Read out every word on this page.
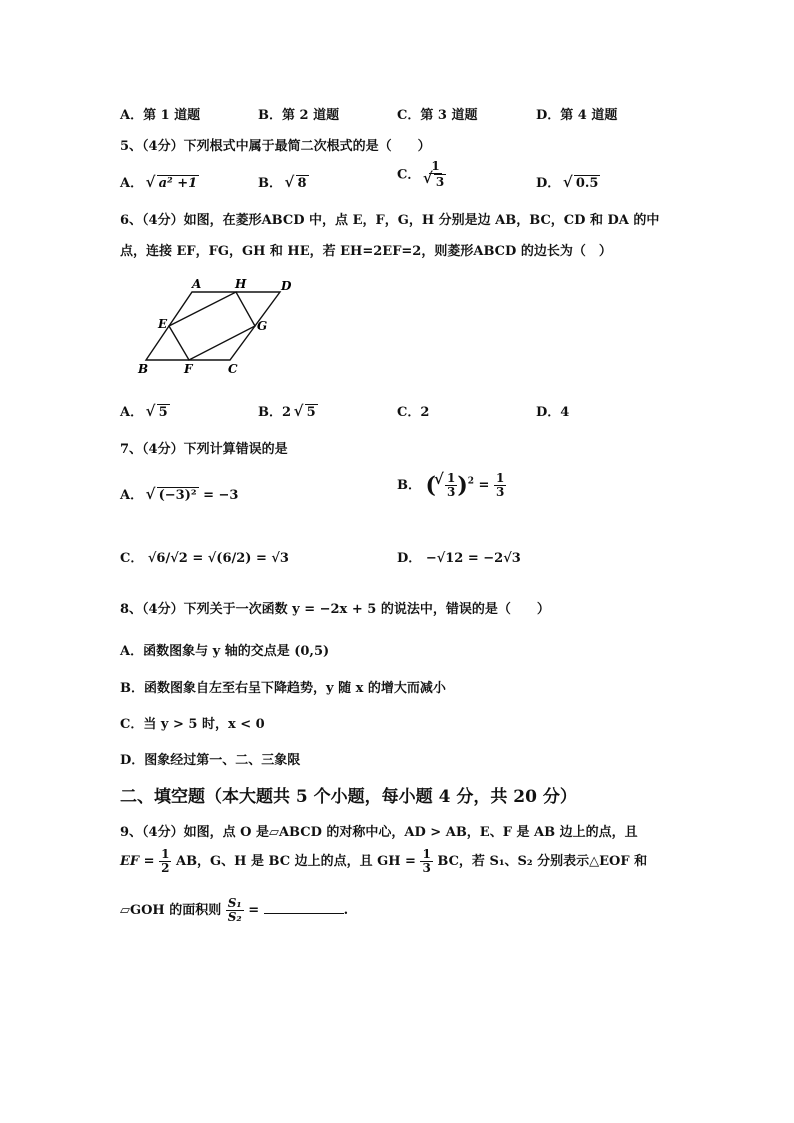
A．第 1 道题	B．第 2 道题	C．第 3 道题	D．第 4 道题
5、（4分）下列根式中属于最简二次根式的是（　　）
A． √ a² +1	B． √ 8
C． 1
√ 3	D． √ 0.5
6、（4分）如图，在菱形ABCD 中，点 E，F，G，H 分别是边 AB，BC，CD 和 DA 的中
点，连接 EF，FG，GH 和 HE，若 EH=2EF=2，则菱形ABCD 的边长为（　）
A	H	D
E	G
B	F	C
A． √ 5	B．2 √ 5	C．2	D．4
7、（4分）下列计算错误的是
A． √ (−3)² = −3
B． ( √ $\frac{1}{3} )^2 = \frac{1}{3}$
C． √6/√2 = √(6/2) = √3	D． −√12 = −2√3
8、（4分）下列关于一次函数 y = −2x + 5 的说法中，错误的是（　　）
A．函数图象与 y 轴的交点是 (0,5)
B．函数图象自左至右呈下降趋势，y 随 x 的增大而减小
C．当 y > 5 时，x < 0
D．图象经过第一、二、三象限
二、填空题（本大题共 5 个小题，每小题 4 分，共 20 分）
9、（4分）如图，点 O 是▱ABCD 的对称中心，AD > AB，E、F 是 AB 边上的点，且
EF = $\frac{1}{2}$ AB，G、H 是 BC 边上的点，且 GH = $\frac{1}{3}$ BC，若 S₁、S₂ 分别表示△EOF 和
▱GOH 的面积则 $\frac{\text{S₁}}{\text{S₂}}$ =	.
